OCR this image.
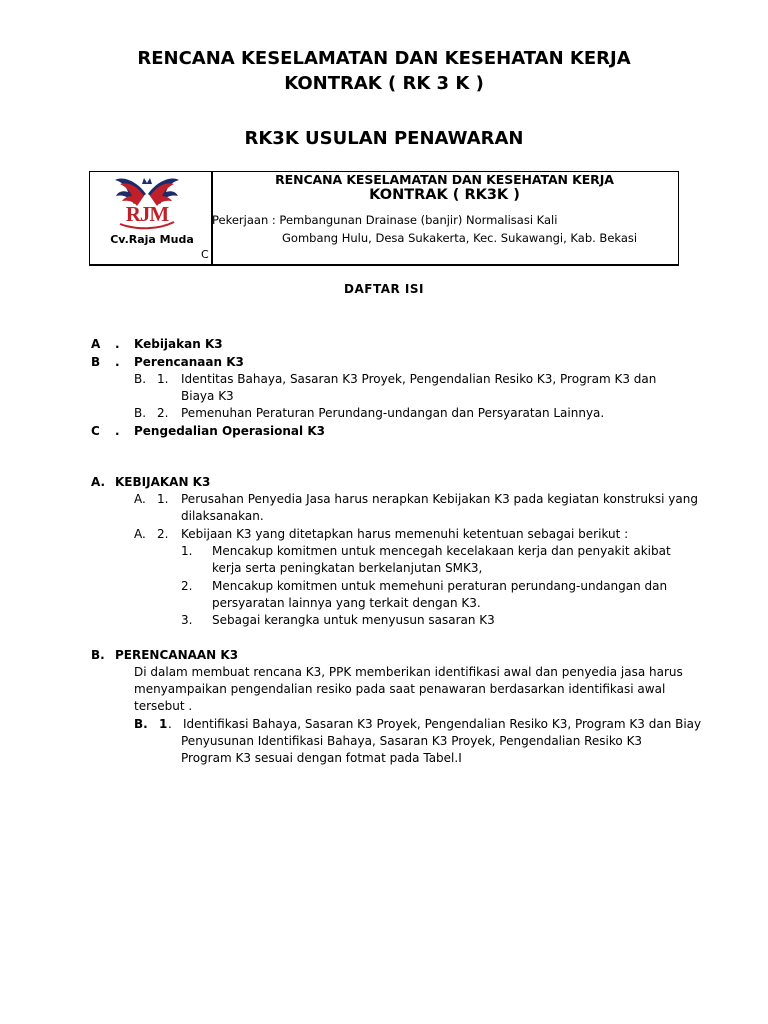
RENCANA KESELAMATAN DAN KESEHATAN KERJA
KONTRAK ( RK 3 K )
RK3K USULAN PENAWARAN
RJM
Cv.Raja Muda
C
RENCANA KESELAMATAN DAN KESEHATAN KERJA
KONTRAK ( RK3K )
Pekerjaan : Pembangunan Drainase (banjir) Normalisasi Kali
Gombang Hulu, Desa Sukakerta, Kec. Sukawangi, Kab. Bekasi
DAFTAR ISI
A . Kebijakan K3
B . Perencanaan K3
B. 1. Identitas Bahaya, Sasaran K3 Proyek, Pengendalian Resiko K3, Program K3 dan
Biaya K3
B. 2. Pemenuhan Peraturan Perundang-undangan dan Persyaratan Lainnya.
C . Pengedalian Operasional K3
A. KEBIJAKAN K3
A. 1. Perusahan Penyedia Jasa harus nerapkan Kebijakan K3 pada kegiatan konstruksi yang
dilaksanakan.
A. 2. Kebijaan K3 yang ditetapkan harus memenuhi ketentuan sebagai berikut :
1. Mencakup komitmen untuk mencegah kecelakaan kerja dan penyakit akibat
kerja serta peningkatan berkelanjutan SMK3,
2. Mencakup komitmen untuk memehuni peraturan perundang-undangan dan
persyaratan lainnya yang terkait dengan K3.
3. Sebagai kerangka untuk menyusun sasaran K3
B. PERENCANAAN K3
Di dalam membuat rencana K3, PPK memberikan identifikasi awal dan penyedia jasa harus
menyampaikan pengendalian resiko pada saat penawaran berdasarkan identifikasi awal
tersebut .
B. 1 . Identifikasi Bahaya, Sasaran K3 Proyek, Pengendalian Resiko K3, Program K3 dan Biay
Penyusunan Identifikasi Bahaya, Sasaran K3 Proyek, Pengendalian Resiko K3
Program K3 sesuai dengan fotmat pada Tabel.I
